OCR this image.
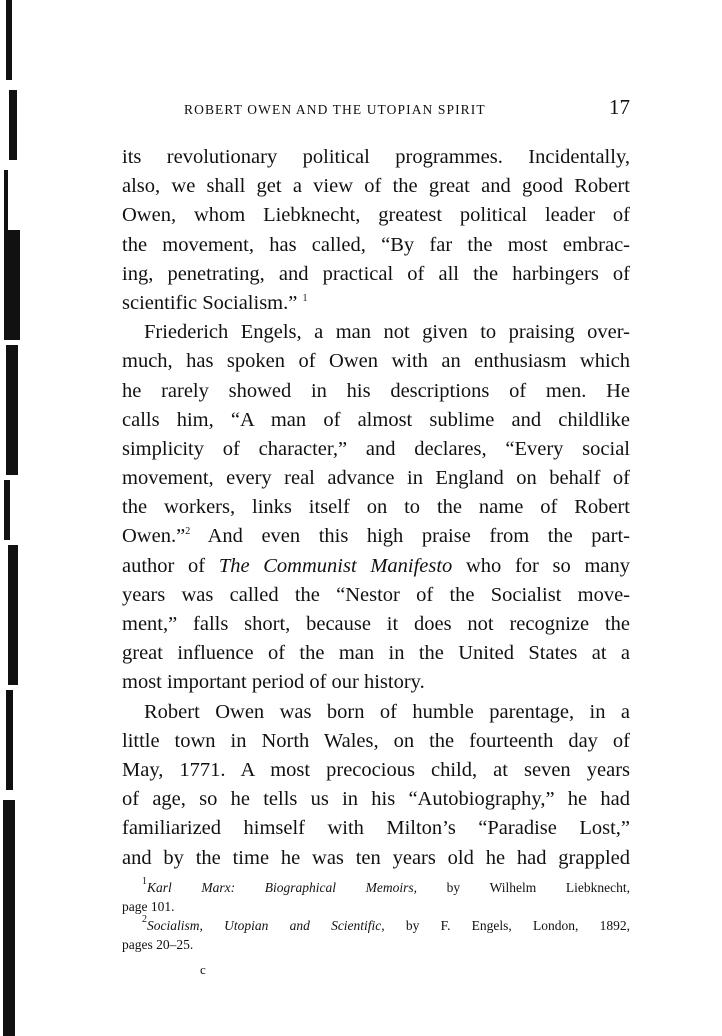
ROBERT OWEN AND THE UTOPIAN SPIRIT	17
its revolutionary political programmes. Incidentally,
also, we shall get a view of the great and good Robert
Owen, whom Liebknecht, greatest political leader of
the movement, has called, “By far the most embrac-
ing, penetrating, and practical of all the harbingers of
scientific Socialism.” $^1$
Friederich Engels, a man not given to praising over-
much, has spoken of Owen with an enthusiasm which
he rarely showed in his descriptions of men. He
calls him, “A man of almost sublime and childlike
simplicity of character,” and declares, “Every social
movement, every real advance in England on behalf of
the workers, links itself on to the name of Robert
Owen.”$^2$ And even this high praise from the part-
author of The Communist Manifesto who for so many
years was called the “Nestor of the Socialist move-
ment,” falls short, because it does not recognize the
great influence of the man in the United States at a
most important period of our history.
Robert Owen was born of humble parentage, in a
little town in North Wales, on the fourteenth day of
May, 1771. A most precocious child, at seven years
of age, so he tells us in his “Autobiography,” he had
familiarized himself with Milton’s “Paradise Lost,”
and by the time he was ten years old he had grappled
$^1$Karl Marx: Biographical Memoirs, by Wilhelm Liebknecht,
page 101.
$^2$Socialism, Utopian and Scientific, by F. Engels, London, 1892,
pages 20–25.
c
